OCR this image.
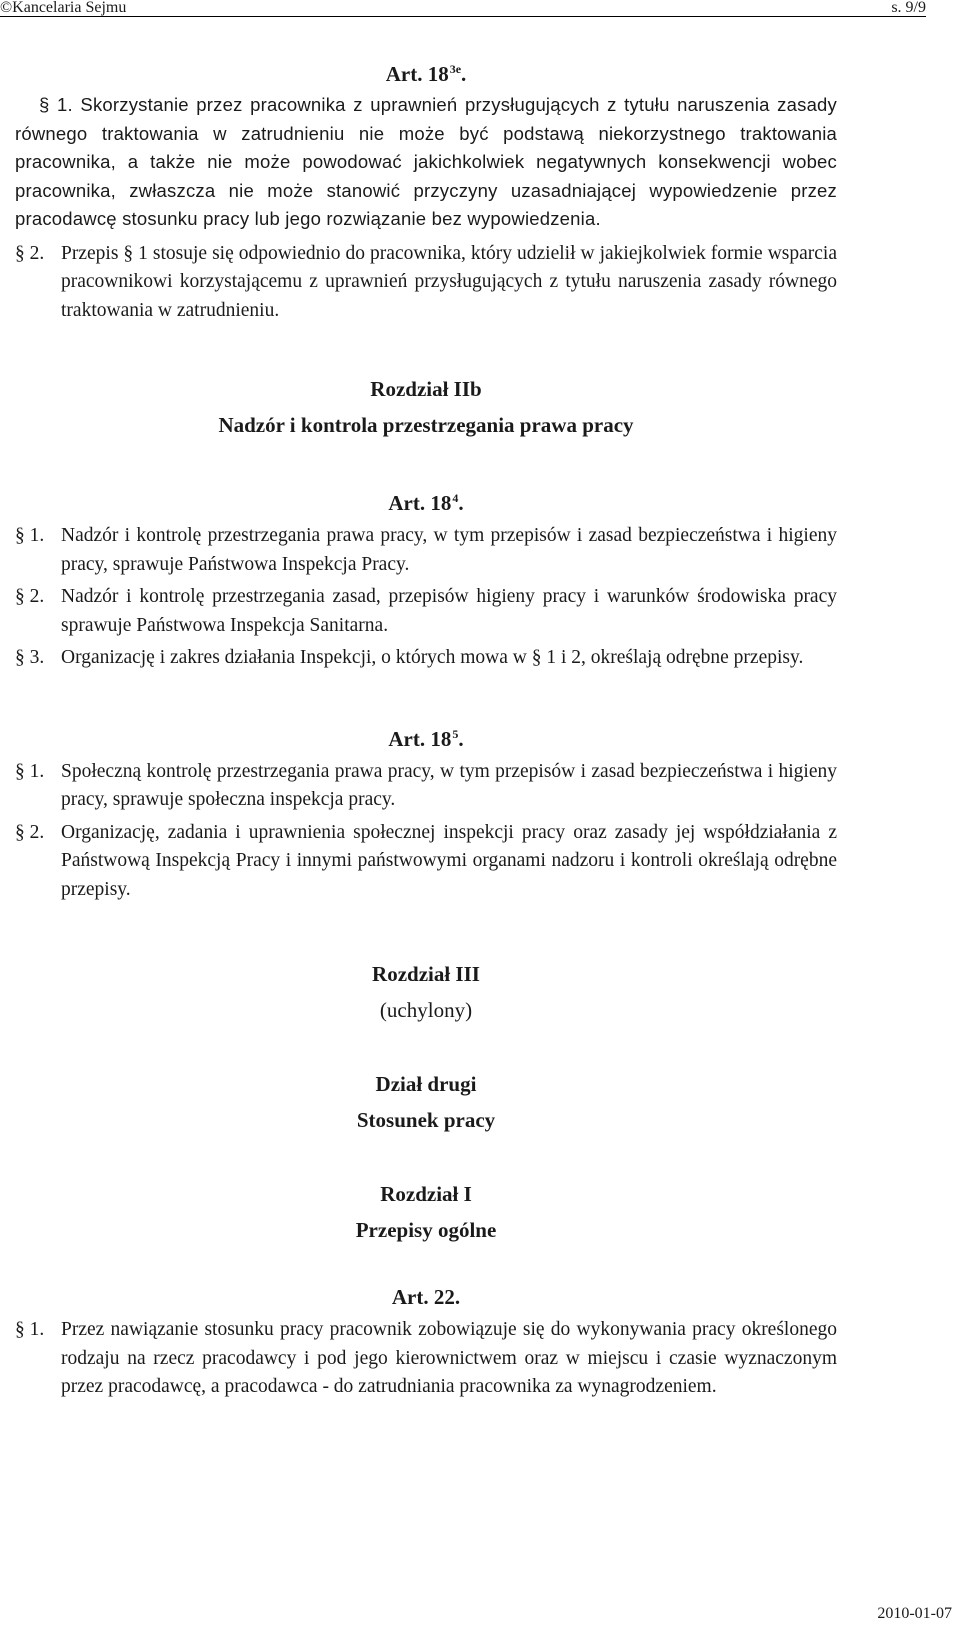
©Kancelaria Sejmu	s. 9/9
Art. $18^{3e}$.

§ 1. Skorzystanie przez pracownika z uprawnień przysługujących z tytułu naruszenia zasady równego traktowania w zatrudnieniu nie może być podstawą niekorzystnego traktowania pracownika, a także nie może powodować jakichkolwiek negatywnych konsekwencji wobec pracownika, zwłaszcza nie może stanowić przyczyny uzasadniającej wypowiedzenie przez pracodawcę stosunku pracy lub jego rozwiązanie bez wypowiedzenia.

§ 2. Przepis § 1 stosuje się odpowiednio do pracownika, który udzielił w jakiejkolwiek formie wsparcia pracownikowi korzystającemu z uprawnień przysługujących z tytułu naruszenia zasady równego traktowania w zatrudnieniu.
Rozdział IIb
Nadzór i kontrola przestrzegania prawa pracy
Art. $18^4$.
§ 1. Nadzór i kontrolę przestrzegania prawa pracy, w tym przepisów i zasad bezpieczeństwa i higieny pracy, sprawuje Państwowa Inspekcja Pracy.
§ 2. Nadzór i kontrolę przestrzegania zasad, przepisów higieny pracy i warunków środowiska pracy sprawuje Państwowa Inspekcja Sanitarna.
§ 3. Organizację i zakres działania Inspekcji, o których mowa w § 1 i 2, określają odrębne przepisy.
Art. $18^5$.
§ 1. Społeczną kontrolę przestrzegania prawa pracy, w tym przepisów i zasad bezpieczeństwa i higieny pracy, sprawuje społeczna inspekcja pracy.
§ 2. Organizację, zadania i uprawnienia społecznej inspekcji pracy oraz zasady jej współdziałania z Państwową Inspekcją Pracy i innymi państwowymi organami nadzoru i kontroli określają odrębne przepisy.
Rozdział III
(uchylony)
Dział drugi
Stosunek pracy
Rozdział I
Przepisy ogólne
Art. 22.
§ 1. Przez nawiązanie stosunku pracy pracownik zobowiązuje się do wykonywania pracy określonego rodzaju na rzecz pracodawcy i pod jego kierownictwem oraz w miejscu i czasie wyznaczonym przez pracodawcę, a pracodawca - do zatrudniania pracownika za wynagrodzeniem.
2010-01-07
